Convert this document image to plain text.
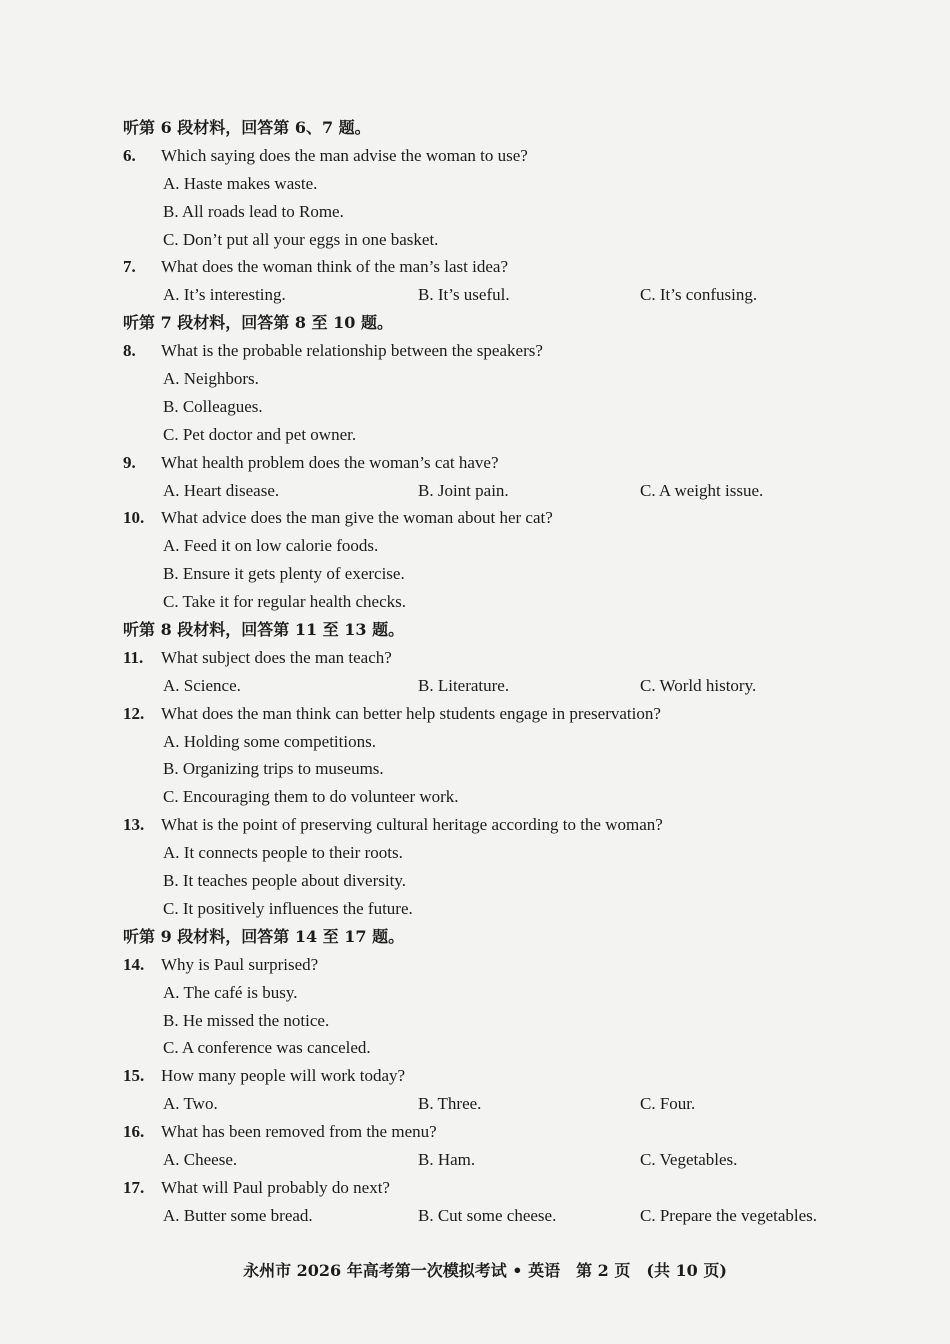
听第 6 段材料，回答第 6、7 题。
6. Which saying does the man advise the woman to use?
A. Haste makes waste.
B. All roads lead to Rome.
C. Don’t put all your eggs in one basket.
7. What does the woman think of the man’s last idea?
A. It’s interesting.	B. It’s useful.	C. It’s confusing.
听第 7 段材料，回答第 8 至 10 题。
8. What is the probable relationship between the speakers?
A. Neighbors.
B. Colleagues.
C. Pet doctor and pet owner.
9. What health problem does the woman’s cat have?
A. Heart disease.	B. Joint pain.	C. A weight issue.
10. What advice does the man give the woman about her cat?
A. Feed it on low calorie foods.
B. Ensure it gets plenty of exercise.
C. Take it for regular health checks.
听第 8 段材料，回答第 11 至 13 题。
11. What subject does the man teach?
A. Science.	B. Literature.	C. World history.
12. What does the man think can better help students engage in preservation?
A. Holding some competitions.
B. Organizing trips to museums.
C. Encouraging them to do volunteer work.
13. What is the point of preserving cultural heritage according to the woman?
A. It connects people to their roots.
B. It teaches people about diversity.
C. It positively influences the future.
听第 9 段材料，回答第 14 至 17 题。
14. Why is Paul surprised?
A. The café is busy.
B. He missed the notice.
C. A conference was canceled.
15. How many people will work today?
A. Two.	B. Three.	C. Four.
16. What has been removed from the menu?
A. Cheese.	B. Ham.	C. Vegetables.
17. What will Paul probably do next?
A. Butter some bread.	B. Cut some cheese.	C. Prepare the vegetables.
永州市 2026 年高考第一次模拟考试 • 英语　第 2 页　(共 10 页)
